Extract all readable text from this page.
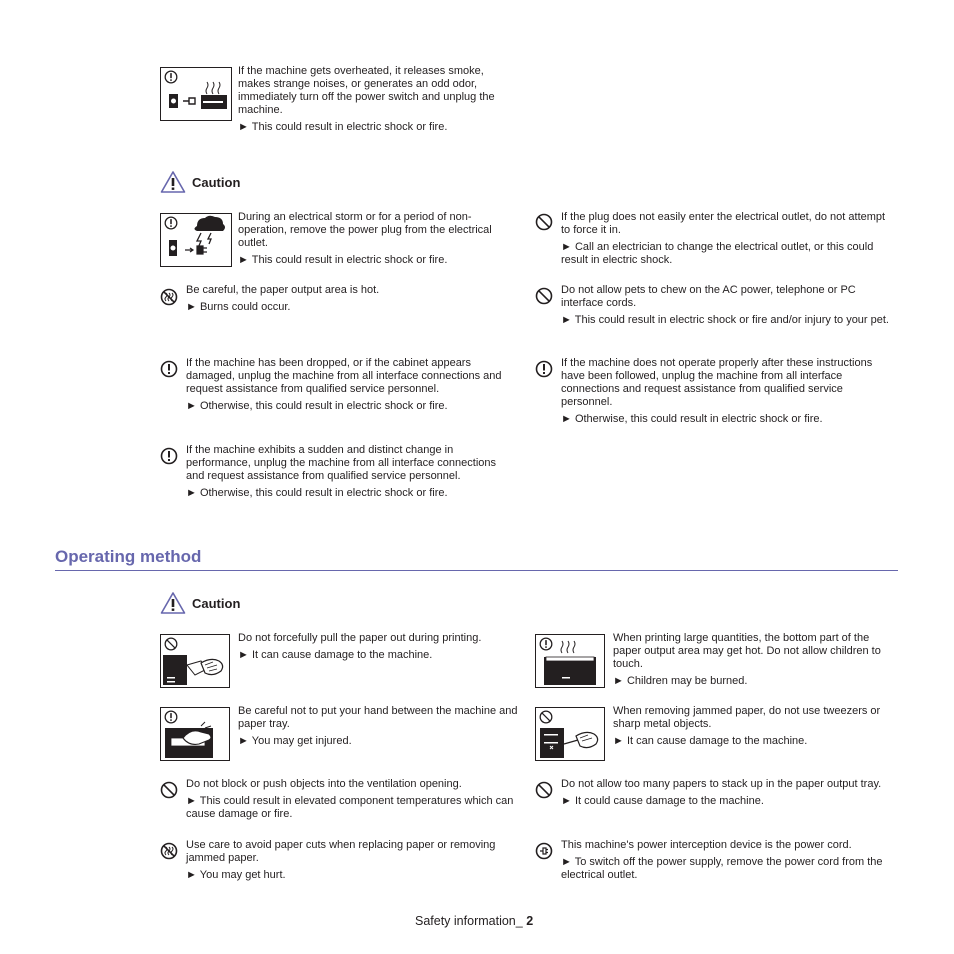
If the machine gets overheated, it releases smoke, makes strange noises, or generates an odd odor, immediately turn off the power switch and unplug the machine.

► This could result in electric shock or fire.

Caution

During an electrical storm or for a period of non-operation, remove the power plug from the electrical outlet.

► This could result in electric shock or fire.

Be careful, the paper output area is hot.

► Burns could occur.

If the machine has been dropped, or if the cabinet appears damaged, unplug the machine from all interface connections and request assistance from qualified service personnel.

► Otherwise, this could result in electric shock or fire.

If the machine exhibits a sudden and distinct change in performance, unplug the machine from all interface connections and request assistance from qualified service personnel.

► Otherwise, this could result in electric shock or fire.

If the plug does not easily enter the electrical outlet, do not attempt to force it in.

► Call an electrician to change the electrical outlet, or this could result in electric shock.

Do not allow pets to chew on the AC power, telephone or PC interface cords.

► This could result in electric shock or fire and/or injury to your pet.

If the machine does not operate properly after these instructions have been followed, unplug the machine from all interface connections and request assistance from qualified service personnel.

► Otherwise, this could result in electric shock or fire.

Operating method
Caution

Do not forcefully pull the paper out during printing.

► It can cause damage to the machine.

Be careful not to put your hand between the machine and paper tray.

► You may get injured.

Do not block or push objects into the ventilation opening.

► This could result in elevated component temperatures which can cause damage or fire.

Use care to avoid paper cuts when replacing paper or removing jammed paper.

► You may get hurt.

When printing large quantities, the bottom part of the paper output area may get hot. Do not allow children to touch.

► Children may be burned.

When removing jammed paper, do not use tweezers or sharp metal objects.

► It can cause damage to the machine.

Do not allow too many papers to stack up in the paper output tray.

► It could cause damage to the machine.

This machine's power interception device is the power cord.

► To switch off the power supply, remove the power cord from the electrical outlet.

Safety information_ 2
